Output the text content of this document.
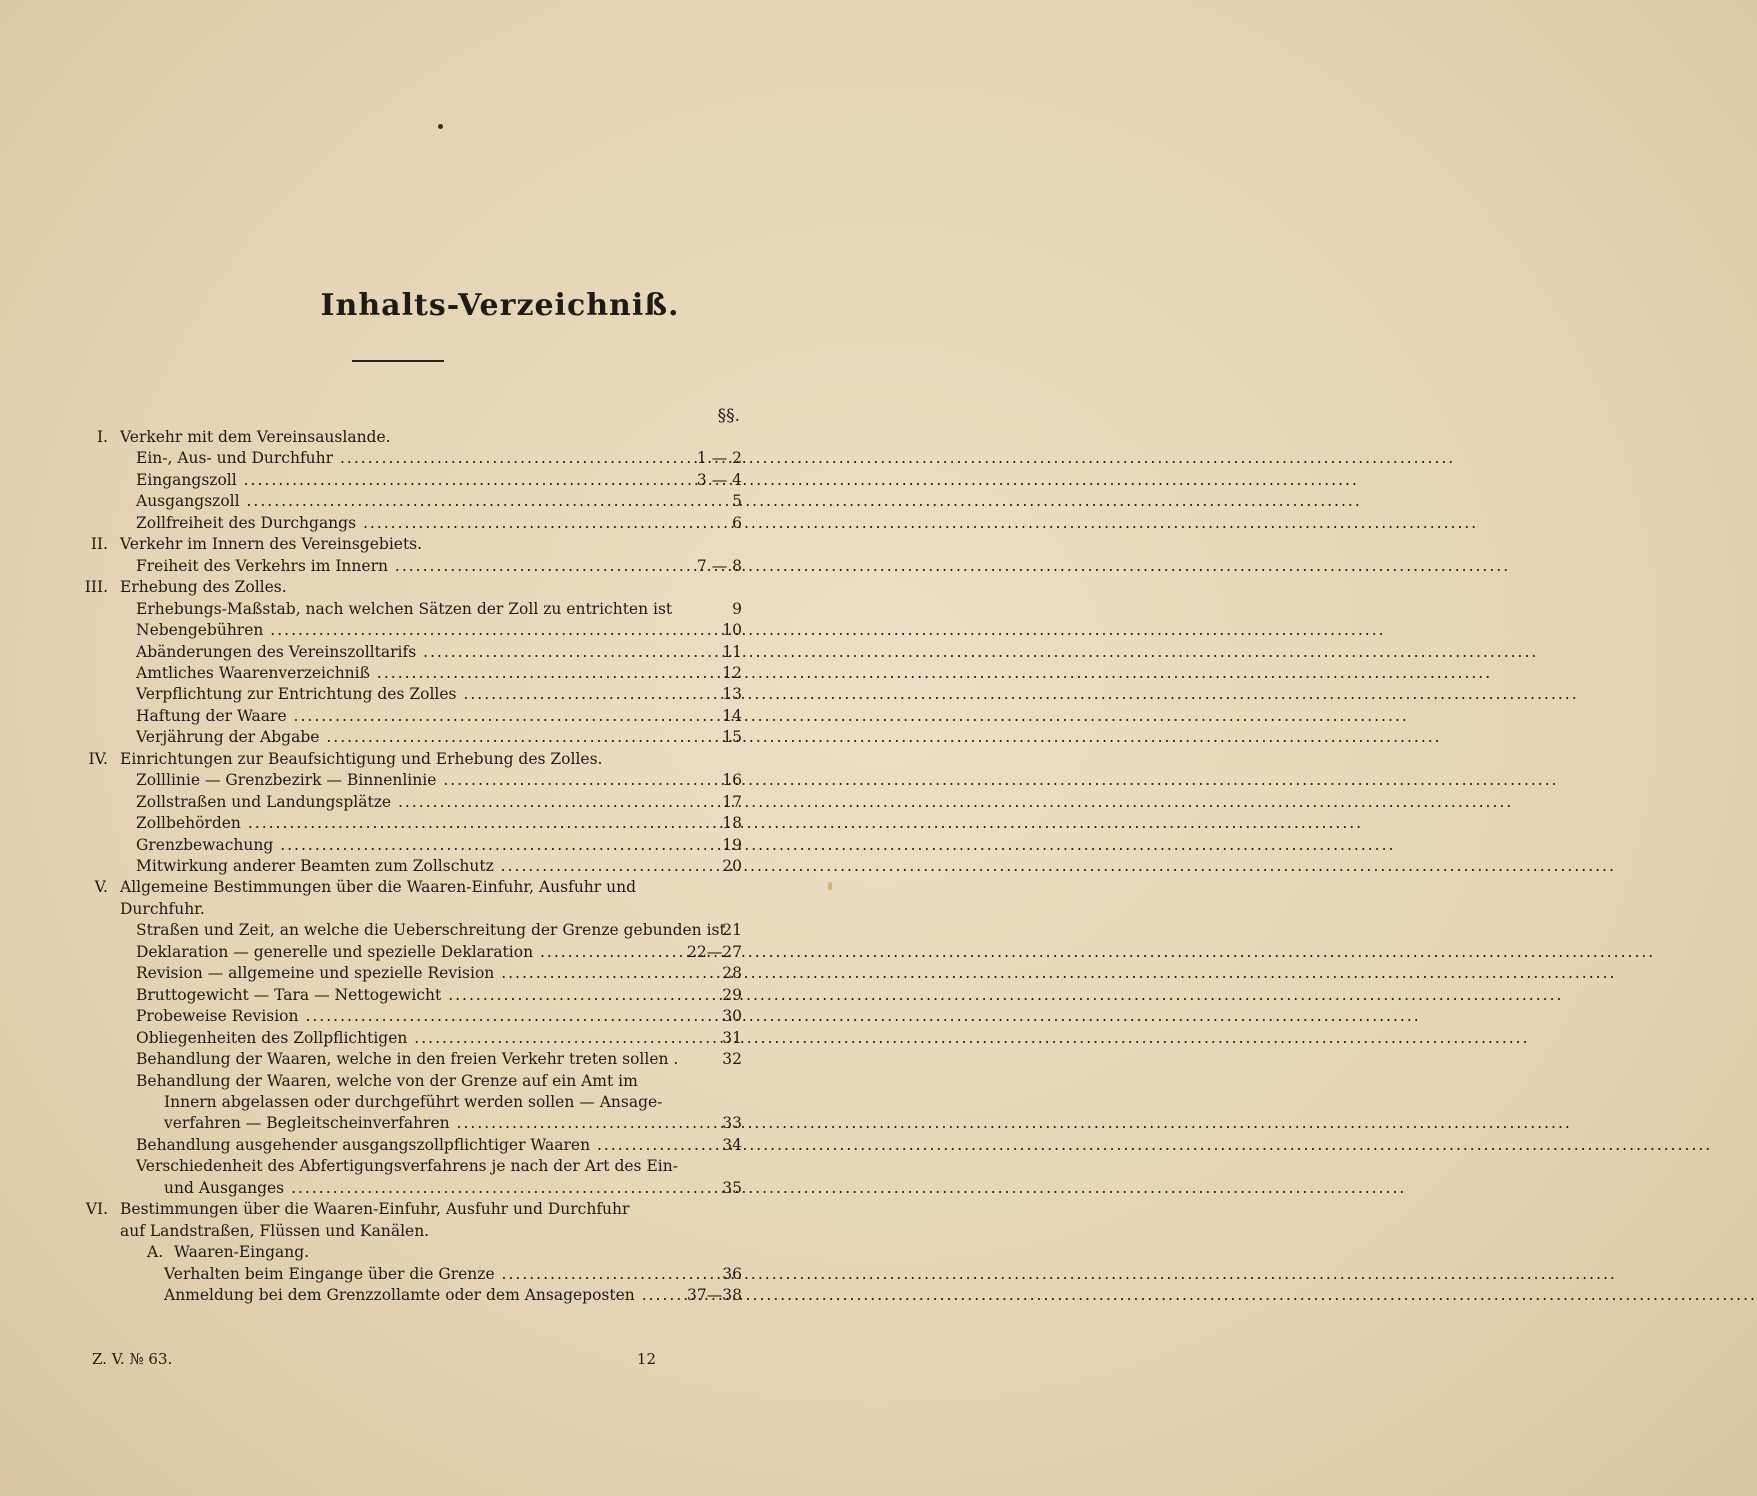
Inhalts-Verzeichniß.
§§.
I. Verkehr mit dem Vereinsauslande.
Ein-, Aus- und Durchfuhr .....	1 — 2
Eingangszoll .....	3 — 4
Ausgangszoll .....	5
Zollfreiheit des Durchgangs .....	6
II. Verkehr im Innern des Vereinsgebiets.
Freiheit des Verkehrs im Innern .....	7 — 8
III. Erhebung des Zolles.
Erhebungs-Maßstab, nach welchen Sätzen der Zoll zu entrichten ist	9
Nebengebühren .....	10
Abänderungen des Vereinszolltarifs .....	11
Amtliches Waarenverzeichniß .....	12
Verpflichtung zur Entrichtung des Zolles .....	13
Haftung der Waare .....	14
Verjährung der Abgabe .....	15
IV. Einrichtungen zur Beaufsichtigung und Erhebung des Zolles.
Zolllinie — Grenzbezirk — Binnenlinie .....	16
Zollstraßen und Landungsplätze .....	17
Zollbehörden .....	18
Grenzbewachung .....	19
Mitwirkung anderer Beamten zum Zollschutz .....	20
V. Allgemeine Bestimmungen über die Waaren-Einfuhr, Ausfuhr und
Durchfuhr.
Straßen und Zeit, an welche die Ueberschreitung der Grenze gebunden ist
21
Deklaration — generelle und spezielle Deklaration .....	22—27
Revision — allgemeine und spezielle Revision .....	28
Bruttogewicht — Tara — Nettogewicht .....	29
Probeweise Revision .....	30
Obliegenheiten des Zollpflichtigen .....	31
Behandlung der Waaren, welche in den freien Verkehr treten sollen .	32
Behandlung der Waaren, welche von der Grenze auf ein Amt im
Innern abgelassen oder durchgeführt werden sollen — Ansage-
verfahren — Begleitscheinverfahren .....	33
Behandlung ausgehender ausgangszollpflichtiger Waaren .....	34
Verschiedenheit des Abfertigungsverfahrens je nach der Art des Ein-
und Ausganges .....	35
VI. Bestimmungen über die Waaren-Einfuhr, Ausfuhr und Durchfuhr
auf Landstraßen, Flüssen und Kanälen.
A. Waaren-Eingang.
Verhalten beim Eingange über die Grenze .....	36
Anmeldung bei dem Grenzzollamte oder dem Ansageposten .....	37—38
Z. V. № 63.	12
